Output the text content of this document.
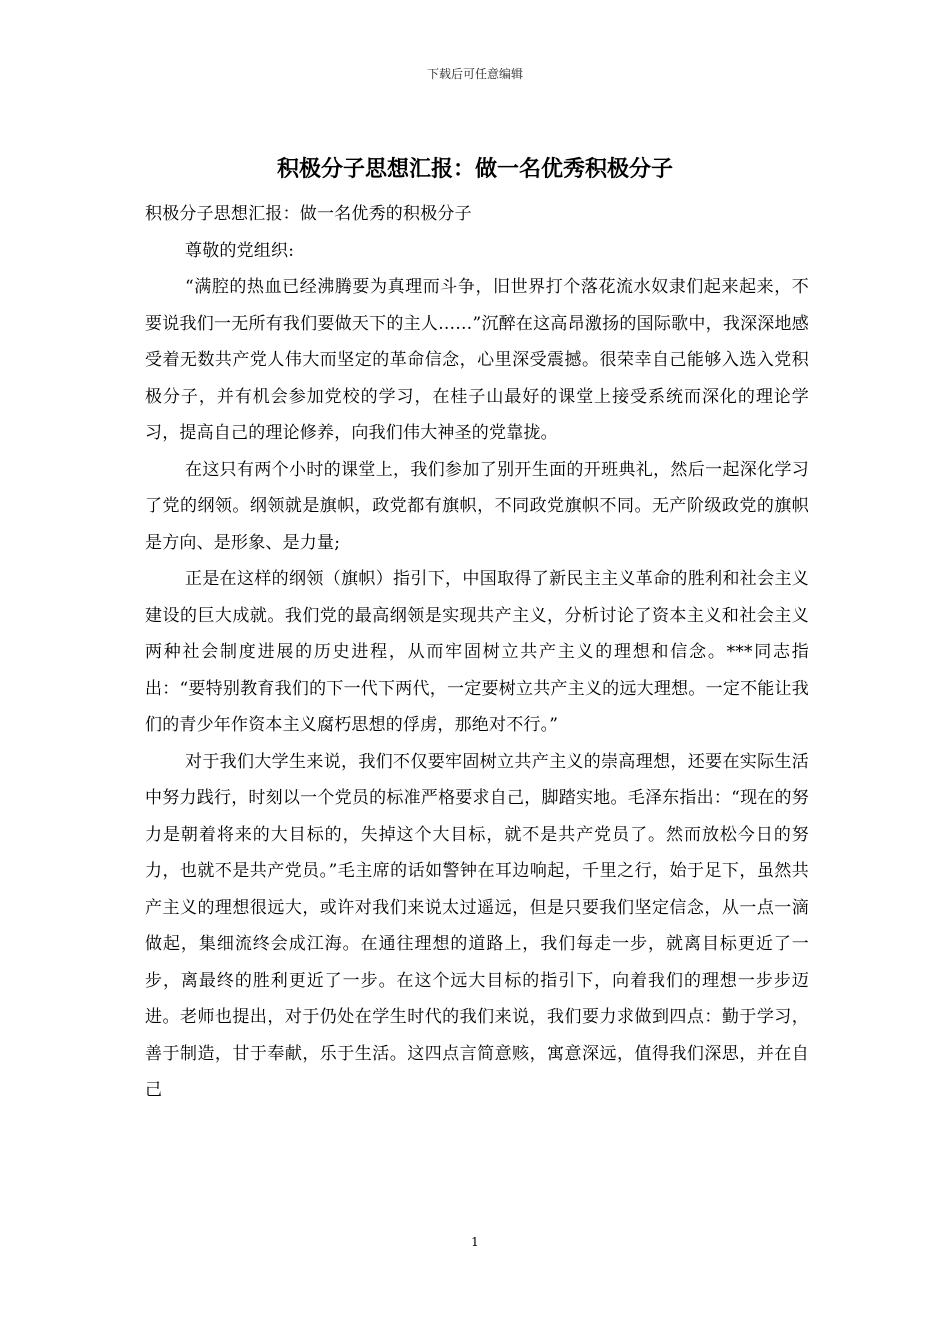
下载后可任意编辑
积极分子思想汇报：做一名优秀积极分子

积极分子思想汇报：做一名优秀的积极分子

尊敬的党组织:

“满腔的热血已经沸腾要为真理而斗争，旧世界打个落花流水奴隶们起来起来，不要说我们一无所有我们要做天下的主人……”沉醉在这高昂激扬的国际歌中，我深深地感受着无数共产党人伟大而坚定的革命信念，心里深受震撼。很荣幸自己能够入选入党积极分子，并有机会参加党校的学习，在桂子山最好的课堂上接受系统而深化的理论学习，提高自己的理论修养，向我们伟大神圣的党靠拢。

在这只有两个小时的课堂上，我们参加了别开生面的开班典礼，然后一起深化学习了党的纲领。纲领就是旗帜，政党都有旗帜，不同政党旗帜不同。无产阶级政党的旗帜是方向、是形象、是力量;

正是在这样的纲领（旗帜）指引下，中国取得了新民主主义革命的胜利和社会主义建设的巨大成就。我们党的最高纲领是实现共产主义，分析讨论了资本主义和社会主义两种社会制度进展的历史进程，从而牢固树立共产主义的理想和信念。***同志指出：“要特别教育我们的下一代下两代，一定要树立共产主义的远大理想。一定不能让我们的青少年作资本主义腐朽思想的俘虏，那绝对不行。”

对于我们大学生来说，我们不仅要牢固树立共产主义的崇高理想，还要在实际生活中努力践行，时刻以一个党员的标准严格要求自己，脚踏实地。毛泽东指出：“现在的努力是朝着将来的大目标的，失掉这个大目标，就不是共产党员了。然而放松今日的努力，也就不是共产党员。”毛主席的话如警钟在耳边响起，千里之行，始于足下，虽然共产主义的理想很远大，或许对我们来说太过遥远，但是只要我们坚定信念，从一点一滴做起，集细流终会成江海。在通往理想的道路上，我们每走一步，就离目标更近了一步，离最终的胜利更近了一步。在这个远大目标的指引下，向着我们的理想一步步迈进。老师也提出，对于仍处在学生时代的我们来说，我们要力求做到四点：勤于学习，善于制造，甘于奉献，乐于生活。这四点言简意赅，寓意深远，值得我们深思，并在自己

1
